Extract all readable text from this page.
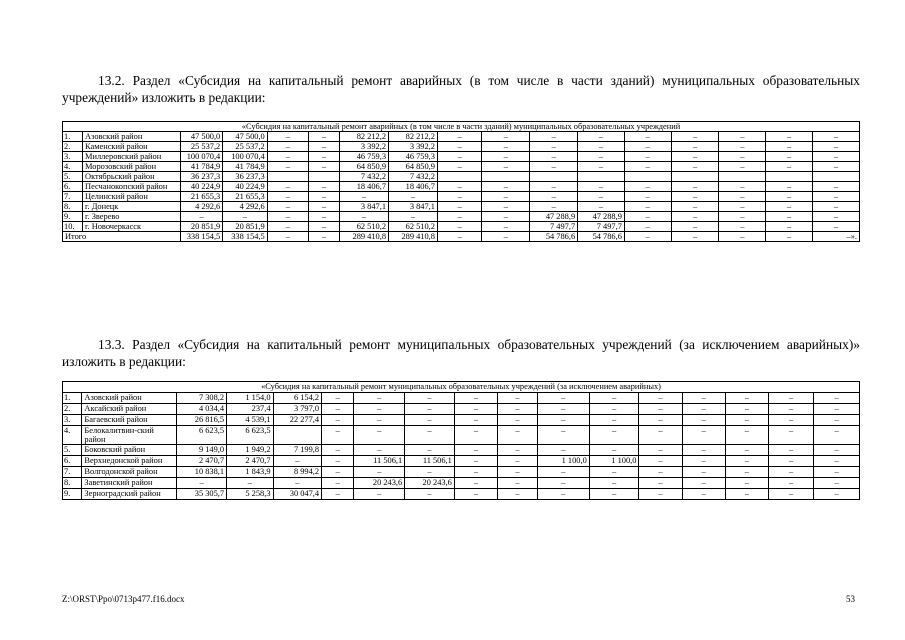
13.2. Раздел «Субсидия на капитальный ремонт аварийных (в том числе в части зданий) муниципальных образовательных учреждений» изложить в редакции:

«Субсидия на капитальный ремонт аварийных (в том числе в части зданий) муниципальных образовательных учреждений																
1.	Азовский район	47 500,0	47 500,0	–	–	82 212,2	82 212,2	–	–	–	–	–	–	–	–	–
2.	Каменский район	25 537,2	25 537,2	–	–	3 392,2	3 392,2	–	–	–	–	–	–	–	–	–
3.	Миллеровский район	100 070,4	100 070,4	–	–	46 759,3	46 759,3	–	–	–	–	–	–	–	–	–
4.	Морозовский район	41 784,9	41 784,9	–	–	64 850,9	64 850,9	–	–	–	–	–	–	–	–	–
5.	Октябрьский район	36 237,3	36 237,3			7 432,2	7 432,2									
6.	Песчанокопский район	40 224,9	40 224,9	–	–	18 406,7	18 406,7	–	–	–	–	–	–	–	–	–
7.	Целинский район	21 655,3	21 655,3	–	–	–	–	–	–	–	–	–	–	–	–	–
8.	г. Донецк	4 292,6	4 292,6	–	–	3 847,1	3 847,1	–	–	–	–	–	–	–	–	–
9.	г. Зверево	–	–	–	–	–	–	–	–	47 288,9	47 288,9	–	–	–	–	–
10.	г. Новочеркасск	20 851,9	20 851,9	–	–	62 510,2	62 510,2	–	–	7 497,7	7 497,7	–	–	–	–	–
Итого		338 154,5	338 154,5	–	–	289 410,8	289 410,8	–	–	54 786,6	54 786,6	–	–	–	–	–».

13.3. Раздел «Субсидия на капитальный ремонт муниципальных образовательных учреждений (за исключением аварийных)» изложить в редакции:

«Субсидия на капитальный ремонт муниципальных образовательных учреждений (за исключением аварийных)																
1.	Азовский район	7 308,2	1 154,0	6 154,2	–	–	–	–	–	–	–	–	–	–	–	–
2.	Аксайский район	4 034,4	237,4	3 797,0	–	–	–	–	–	–	–	–	–	–	–	–
3.	Багаевский район	26 816,5	4 539,1	22 277,4	–	–	–	–	–	–	–	–	–	–	–	–
4.	Белокалитвин-ский район	6 623,5	6 623,5		–	–	–	–	–	–	–	–	–	–	–	–
5.	Боковский район	9 149,0	1 949,2	7 199,8	–	–	–	–	–	–	–	–	–	–	–	–
6.	Верхнедонской район	2 470,7	2 470,7	–	–	11 506,1	11 506,1	–	–	1 100,0	1 100,0	–	–	–	–	–
7.	Волгодонской район	10 838,1	1 843,9	8 994,2	–	–	–	–	–	–	–	–	–	–	–	–
8.	Заветинский район	–	–	–	–	20 243,6	20 243,6	–	–	–	–	–	–	–	–	–
9.	Зерноградский район	35 305,7	5 258,3	30 047,4	–	–	–	–	–	–	–	–	–	–	–	–
Z:\ORST\Ppo\0713p477.f16.docx	53
